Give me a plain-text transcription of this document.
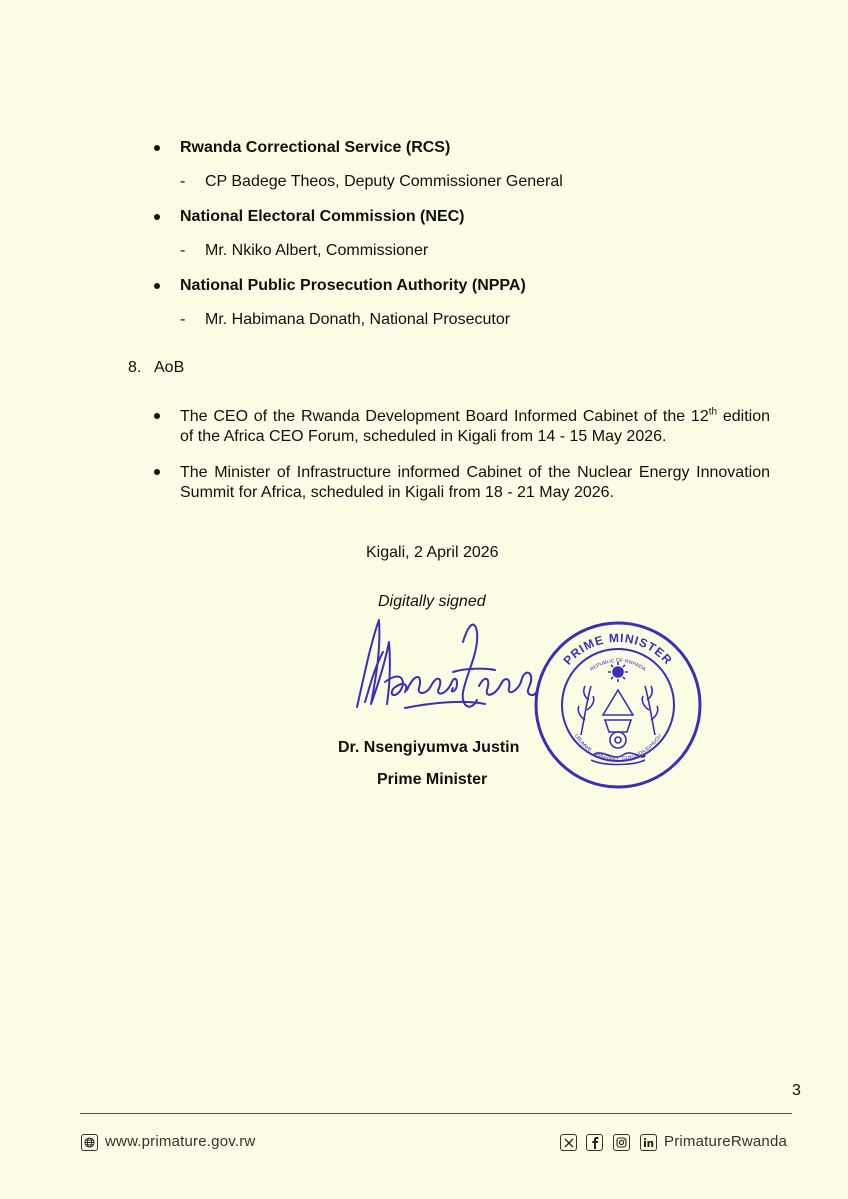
Rwanda Correctional Service (RCS)
- CP Badege Theos, Deputy Commissioner General
National Electoral Commission (NEC)
- Mr. Nkiko Albert, Commissioner
National Public Prosecution Authority (NPPA)
- Mr. Habimana Donath, National Prosecutor
8. AoB
The CEO of the Rwanda Development Board Informed Cabinet of the 12th edition of the Africa CEO Forum, scheduled in Kigali from 14 - 15 May 2026.
The Minister of Infrastructure informed Cabinet of the Nuclear Energy Innovation Summit for Africa, scheduled in Kigali from 18 - 21 May 2026.
Kigali, 2 April 2026
Digitally signed
PRIME MINISTER
REPUBLIC OF RWANDA
UBUMWE · UMURIMO · GUKUNDA IGIHUGU
Dr. Nsengiyumva Justin
Prime Minister
3
www.primature.gov.rw	PrimatureRwanda
